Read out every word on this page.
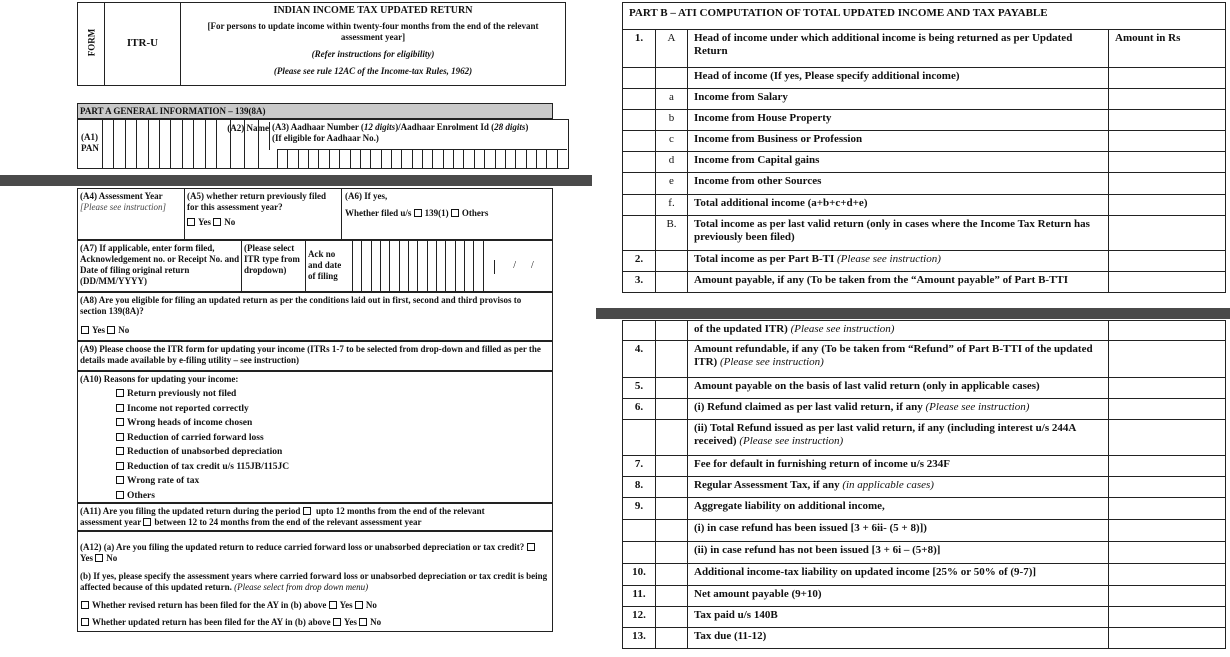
FORM	ITR-U
INDIAN INCOME TAX UPDATED RETURN
[For persons to update income within twenty-four months from the end of the relevant assessment year]
(Refer instructions for eligibility)
(Please see rule 12AC of the Income-tax Rules, 1962)
PART A GENERAL INFORMATION – 139(8A)
(A1)
PAN
(A2) Name (A3) Aadhaar Number (12 digits)/Aadhaar Enrolment Id (28 digits)
(If eligible for Aadhaar No.)
(A4) Assessment Year
[Please see instruction]
(A5) whether return previously filed for this assessment year?
Yes No
(A6) If yes,
Whether filed u/s 139(1) Others
(A7) If applicable, enter form filed, Acknowledgement no. or Receipt No. and Date of filing original return (DD/MM/YYYY)
(Please select ITR type from dropdown)
Ack no and date of filing
/      /
(A8) Are you eligible for filing an updated return as per the conditions laid out in first, second and third provisos to section 139(8A)?
Yes No
(A9) Please choose the ITR form for updating your income (ITRs 1-7 to be selected from drop-down and filled as per the details made available by e-filing utility – see instruction)
(A10) Reasons for updating your income:
Return previously not filed
Income not reported correctly
Wrong heads of income chosen
Reduction of carried forward loss
Reduction of unabsorbed depreciation
Reduction of tax credit u/s 115JB/115JC
Wrong rate of tax
Others
(A11) Are you filing the updated return during the period upto 12 months from the end of the relevant
assessment year between 12 to 24 months from the end of the relevant assessment year
(A12) (a) Are you filing the updated return to reduce carried forward loss or unabsorbed depreciation or tax credit? Yes No
(b) If yes, please specify the assessment years where carried forward loss or unabsorbed depreciation or tax credit is being affected because of this updated return. (Please select from drop down menu)
Whether revised return has been filed for the AY in (b) above Yes No
Whether updated return has been filed for the AY in (b) above Yes No
PART B – ATI COMPUTATION OF TOTAL UPDATED INCOME AND TAX PAYABLE
1.	A	Head of income under which additional income is being returned as per Updated Return	Amount in Rs
		Head of income (If yes, Please specify additional income)	
	a	Income from Salary	
	b	Income from House Property	
	c	Income from Business or Profession	
	d	Income from Capital gains	
	e	Income from other Sources	
	f.	Total additional income (a+b+c+d+e)	
	B.	Total income as per last valid return (only in cases where the Income Tax Return has previously been filed)	
2.		Total income as per Part B-TI (Please see instruction)	
3.		Amount payable, if any (To be taken from the “Amount payable” of Part B-TTI	
		of the updated ITR) (Please see instruction)	
4.		Amount refundable, if any (To be taken from “Refund” of Part B-TTI of the updated ITR) (Please see instruction)	
5.		Amount payable on the basis of last valid return (only in applicable cases)	
6.		(i) Refund claimed as per last valid return, if any (Please see instruction)	
		(ii) Total Refund issued as per last valid return, if any (including interest u/s 244A received) (Please see instruction)	
7.		Fee for default in furnishing return of income u/s 234F	
8.		Regular Assessment Tax, if any (in applicable cases)	
9.		Aggregate liability on additional income,	
		(i) in case refund has been issued [3 + 6ii- (5 + 8)])	
		(ii) in case refund has not been issued [3 + 6i – (5+8)]	
10.		Additional income-tax liability on updated income [25% or 50% of (9-7)]	
11.		Net amount payable (9+10)	
12.		Tax paid u/s 140B	
13.		Tax due (11-12)	
